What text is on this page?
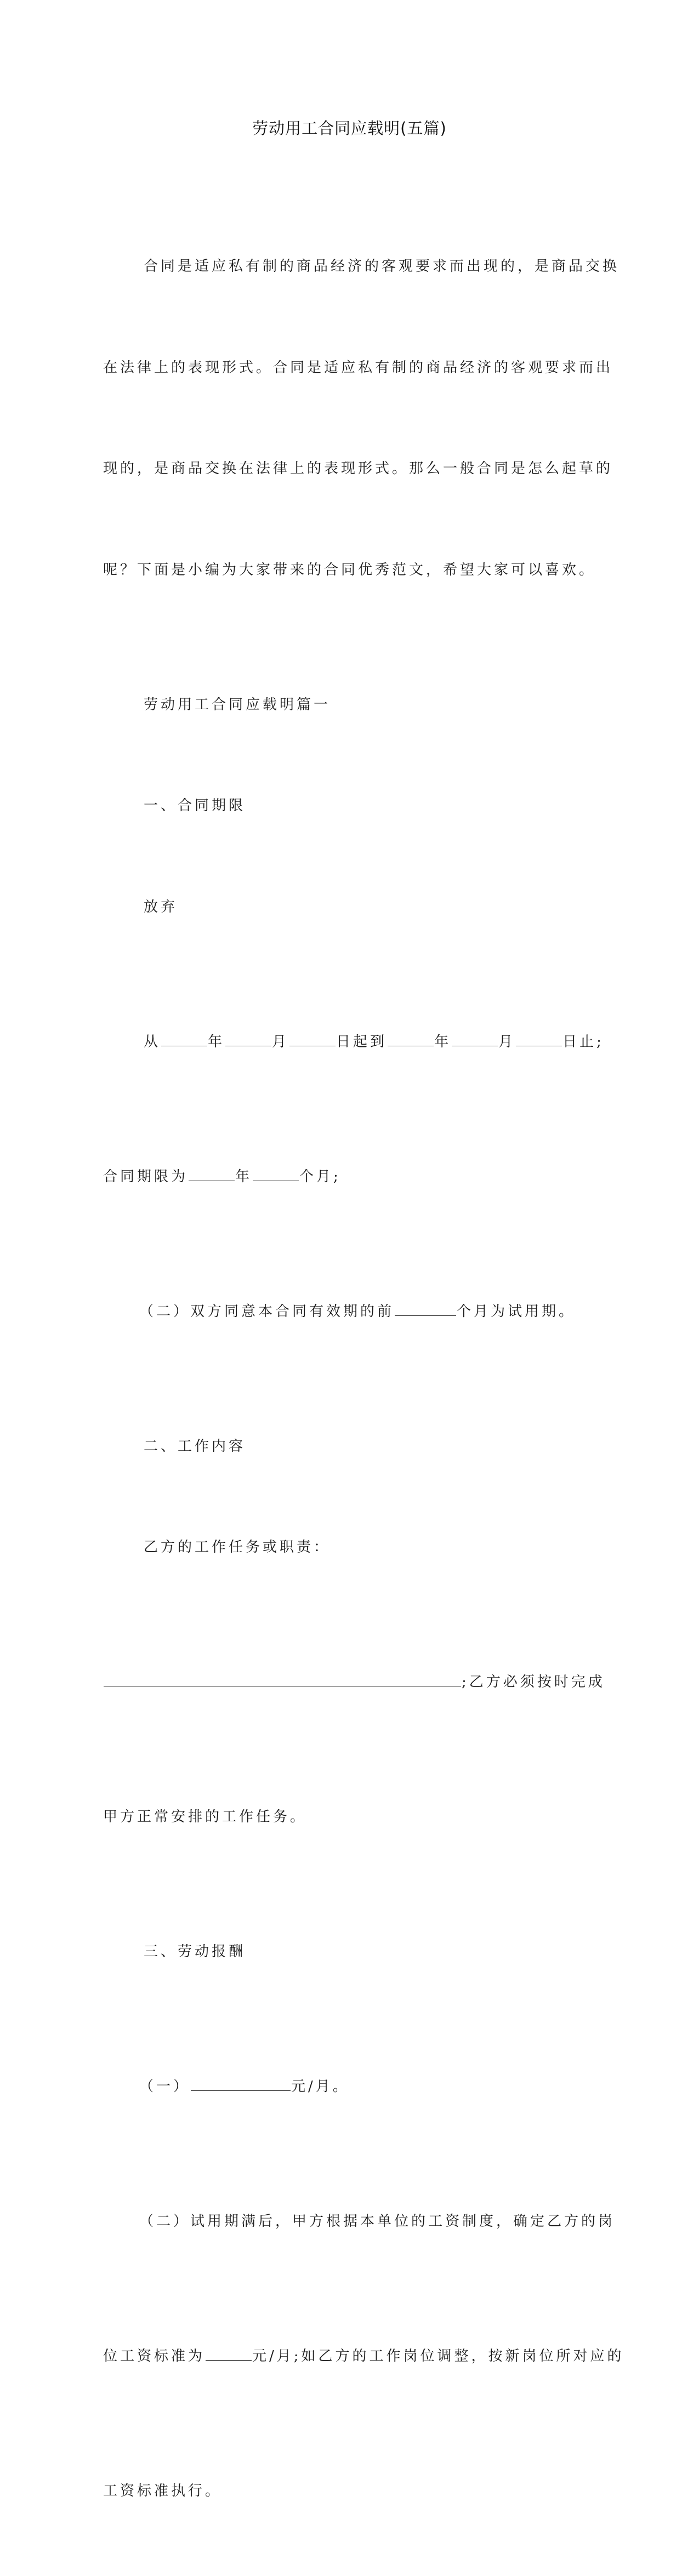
劳动用工合同应载明(五篇)

合同是适应私有制的商品经济的客观要求而出现的，是商品交换

在法律上的表现形式。合同是适应私有制的商品经济的客观要求而出

现的，是商品交换在法律上的表现形式。那么一般合同是怎么起草的

呢？下面是小编为大家带来的合同优秀范文，希望大家可以喜欢。

劳动用工合同应载明篇一

一、合同期限

放弃

从	年	月	日起到	年	月	日止;

合同期限为	年	个月;

（二）双方同意本合同有效期的前	个月为试用期。

二、工作内容

乙方的工作任务或职责：

;乙方必须按时完成

甲方正常安排的工作任务。

三、劳动报酬

（一）	元/月。

（二）试用期满后，甲方根据本单位的工资制度，确定乙方的岗

位工资标准为	元/月;如乙方的工作岗位调整，按新岗位所对应的

工资标准执行。
